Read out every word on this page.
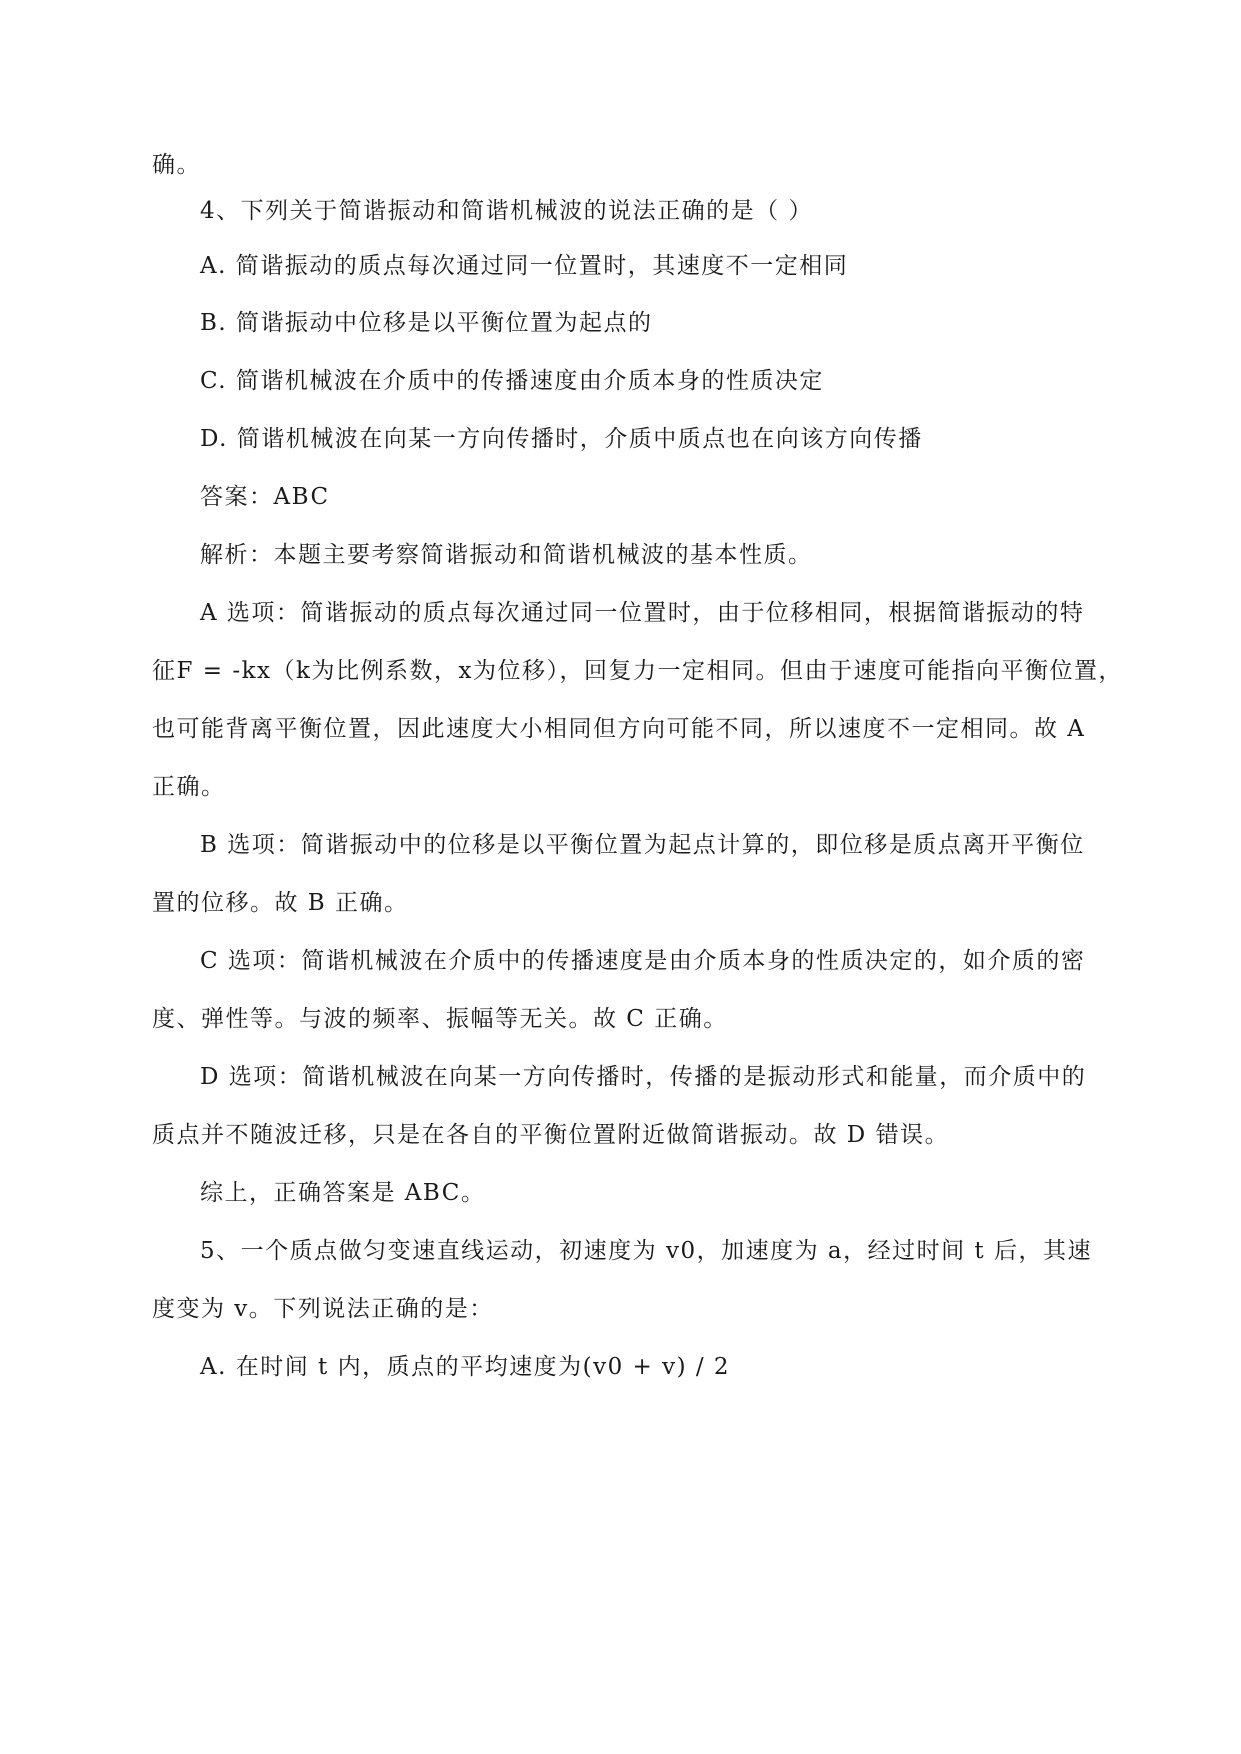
确。
4、下列关于简谐振动和简谐机械波的说法正确的是（ ）
A. 简谐振动的质点每次通过同一位置时，其速度不一定相同
B. 简谐振动中位移是以平衡位置为起点的
C. 简谐机械波在介质中的传播速度由介质本身的性质决定
D. 简谐机械波在向某一方向传播时，介质中质点也在向该方向传播
答案：ABC
解析：本题主要考察简谐振动和简谐机械波的基本性质。
A 选项：简谐振动的质点每次通过同一位置时，由于位移相同，根据简谐振动的特
征F = -kx（k为比例系数，x为位移），回复力一定相同。但由于速度可能指向平衡位置，
也可能背离平衡位置，因此速度大小相同但方向可能不同，所以速度不一定相同。故 A
正确。
B 选项：简谐振动中的位移是以平衡位置为起点计算的，即位移是质点离开平衡位
置的位移。故 B 正确。
C 选项：简谐机械波在介质中的传播速度是由介质本身的性质决定的，如介质的密
度、弹性等。与波的频率、振幅等无关。故 C 正确。
D 选项：简谐机械波在向某一方向传播时，传播的是振动形式和能量，而介质中的
质点并不随波迁移，只是在各自的平衡位置附近做简谐振动。故 D 错误。
综上，正确答案是 ABC。
5、一个质点做匀变速直线运动，初速度为 v0，加速度为 a，经过时间 t 后，其速
度变为 v。下列说法正确的是：
A. 在时间 t 内，质点的平均速度为(v0 + v) / 2
